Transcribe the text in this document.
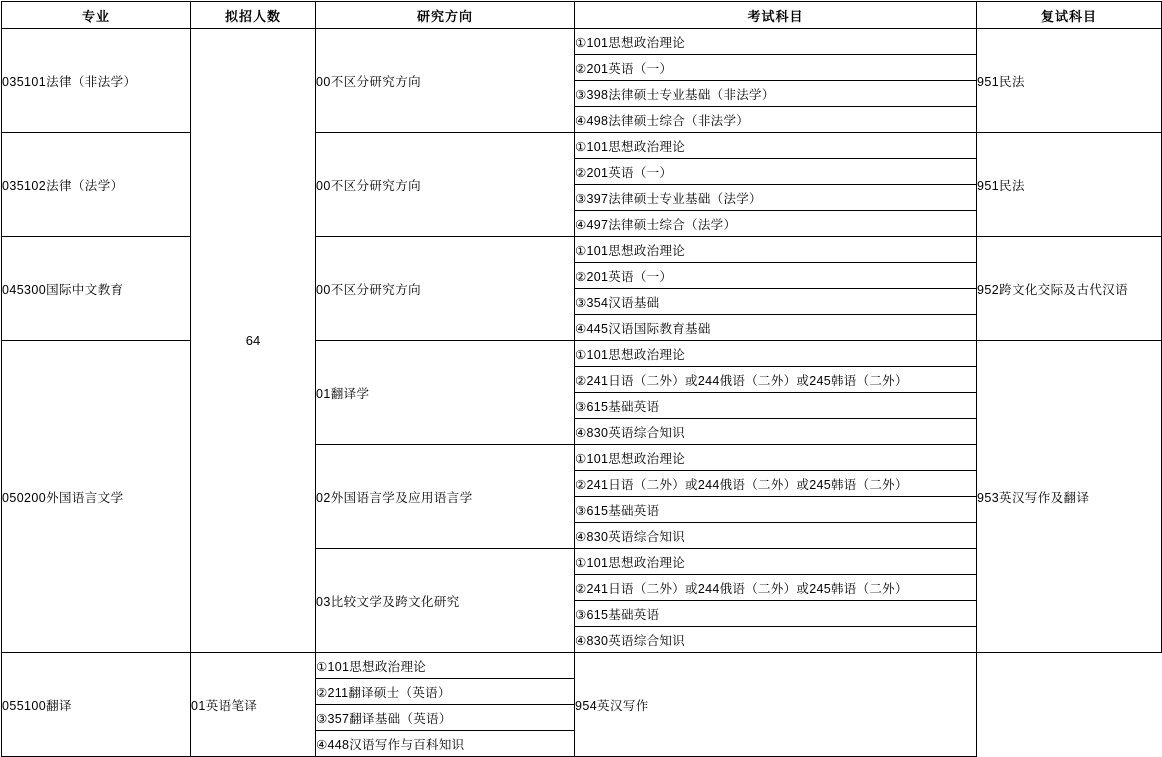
专业	拟招人数	研究方向	考试科目	复试科目
035101法律（非法学）	64	00不区分研究方向	①101思想政治理论	951民法
			②201英语（一）	
			③398法律硕士专业基础（非法学）	
			④498法律硕士综合（非法学）	
035102法律（法学）		00不区分研究方向	①101思想政治理论	951民法
			②201英语（一）	
			③397法律硕士专业基础（法学）	
			④497法律硕士综合（法学）	
045300国际中文教育		00不区分研究方向	①101思想政治理论	952跨文化交际及古代汉语
			②201英语（一）	
			③354汉语基础	
			④445汉语国际教育基础	
050200外国语言文学		01翻译学	①101思想政治理论	953英汉写作及翻译
			②241日语（二外）或244俄语（二外）或245韩语（二外）	
			③615基础英语	
			④830英语综合知识	
		02外国语言学及应用语言学	①101思想政治理论	
			②241日语（二外）或244俄语（二外）或245韩语（二外）	
			③615基础英语	
			④830英语综合知识	
		03比较文学及跨文化研究	①101思想政治理论	
			②241日语（二外）或244俄语（二外）或245韩语（二外）	
			③615基础英语	
			④830英语综合知识	
055100翻译	01英语笔译	①101思想政治理论	954英汉写作	
		②211翻译硕士（英语）		
		③357翻译基础（英语）		
		④448汉语写作与百科知识		
